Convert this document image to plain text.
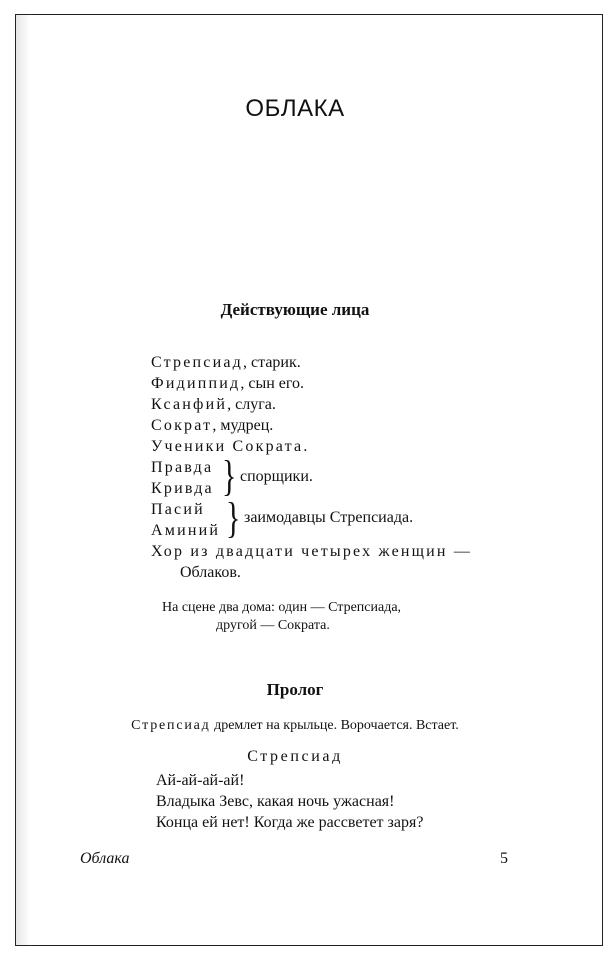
ОБЛАКА
Действующие лица
Стрепсиад, старик.
Фидиппид, сын его.
Ксанфий, слуга.
Сократ, мудрец.
Ученики Сократа.
Правда
Кривда } спорщики.
Пасий
Аминий } заимодавцы Стрепсиада.
Хор из двадцати четырех женщин —
Облаков.
На сцене два дома: один — Стрепсиада,
другой — Сократа.
Пролог
Стрепсиад дремлет на крыльце. Ворочается. Встает.
Стрепсиад
Ай-ай-ай-ай!
Владыка Зевс, какая ночь ужасная!
Конца ей нет! Когда же рассветет заря?
Облака	5
